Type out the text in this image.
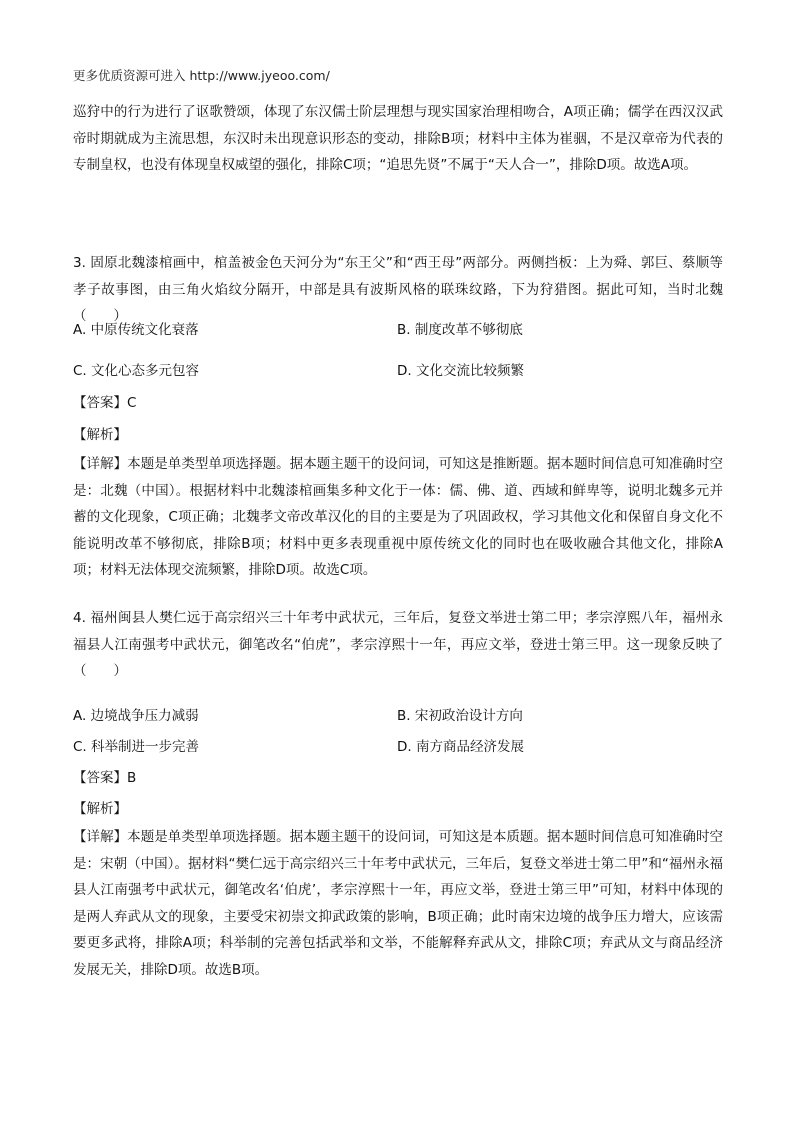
更多优质资源可进入 http://www.jyeoo.com/

巡狩中的行为进行了讴歌赞颂，体现了东汉儒士阶层理想与现实国家治理相吻合，A项正确；儒学在西汉汉武帝时期就成为主流思想，东汉时未出现意识形态的变动，排除B项；材料中主体为崔骃，不是汉章帝为代表的专制皇权，也没有体现皇权威望的强化，排除C项；“追思先贤”不属于“天人合一”，排除D项。故选A项。

3. 固原北魏漆棺画中，棺盖被金色天河分为“东王父”和“西王母”两部分。两侧挡板：上为舜、郭巨、蔡顺等孝子故事图，由三角火焰纹分隔开，中部是具有波斯风格的联珠纹路，下为狩猎图。据此可知，当时北魏（　　）

A. 中原传统文化衰落	B. 制度改革不够彻底
C. 文化心态多元包容	D. 文化交流比较频繁
【答案】C
【解析】

【详解】本题是单类型单项选择题。据本题主题干的设问词，可知这是推断题。据本题时间信息可知准确时空是：北魏（中国）。根据材料中北魏漆棺画集多种文化于一体：儒、佛、道、西域和鲜卑等，说明北魏多元并蓄的文化现象，C项正确；北魏孝文帝改革汉化的目的主要是为了巩固政权，学习其他文化和保留自身文化不能说明改革不够彻底，排除B项；材料中更多表现重视中原传统文化的同时也在吸收融合其他文化，排除A项；材料无法体现交流频繁，排除D项。故选C项。

4. 福州闽县人樊仁远于高宗绍兴三十年考中武状元，三年后，复登文举进士第二甲；孝宗淳熙八年，福州永福县人江南强考中武状元，御笔改名“伯虎”，孝宗淳熙十一年，再应文举，登进士第三甲。这一现象反映了（　　）

A. 边境战争压力减弱	B. 宋初政治设计方向
C. 科举制进一步完善	D. 南方商品经济发展
【答案】B
【解析】

【详解】本题是单类型单项选择题。据本题主题干的设问词，可知这是本质题。据本题时间信息可知准确时空是：宋朝（中国）。据材料“樊仁远于高宗绍兴三十年考中武状元，三年后，复登文举进士第二甲”和“福州永福县人江南强考中武状元，御笔改名‘伯虎’，孝宗淳熙十一年，再应文举，登进士第三甲”可知，材料中体现的是两人弃武从文的现象，主要受宋初崇文抑武政策的影响，B项正确；此时南宋边境的战争压力增大，应该需要更多武将，排除A项；科举制的完善包括武举和文举，不能解释弃武从文，排除C项；弃武从文与商品经济发展无关，排除D项。故选B项。
